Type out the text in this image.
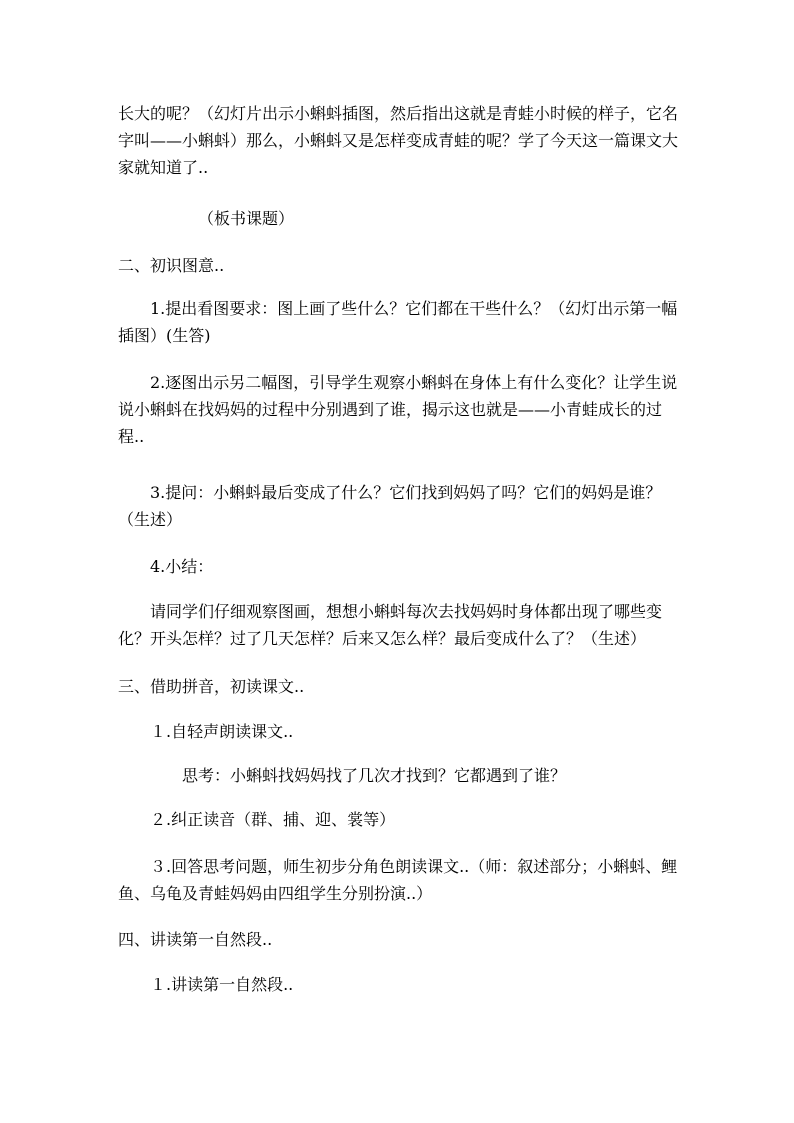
长大的呢？（幻灯片出示小蝌蚪插图，然后指出这就是青蛙小时候的样子，它名字叫——小蝌蚪）那么，小蝌蚪又是怎样变成青蛙的呢？学了今天这一篇课文大家就知道了..

（板书课题）

二、初识图意..

1.提出看图要求：图上画了些什么？它们都在干些什么？（幻灯出示第一幅插图）(生答)

2.逐图出示另二幅图，引导学生观察小蝌蚪在身体上有什么变化？让学生说说小蝌蚪在找妈妈的过程中分别遇到了谁，揭示这也就是——小青蛙成长的过程..

3.提问：小蝌蚪最后变成了什么？它们找到妈妈了吗？它们的妈妈是谁？（生述）

4.小结：

请同学们仔细观察图画，想想小蝌蚪每次去找妈妈时身体都出现了哪些变化？开头怎样？过了几天怎样？后来又怎么样？最后变成什么了？（生述）

三、借助拼音，初读课文..

１.自轻声朗读课文..

思考：小蝌蚪找妈妈找了几次才找到？它都遇到了谁？

２.纠正读音（群、捕、迎、裳等）

３.回答思考问题，师生初步分角色朗读课文..（师：叙述部分；小蝌蚪、鲤鱼、乌龟及青蛙妈妈由四组学生分别扮演..）

四、讲读第一自然段..

１.讲读第一自然段..
